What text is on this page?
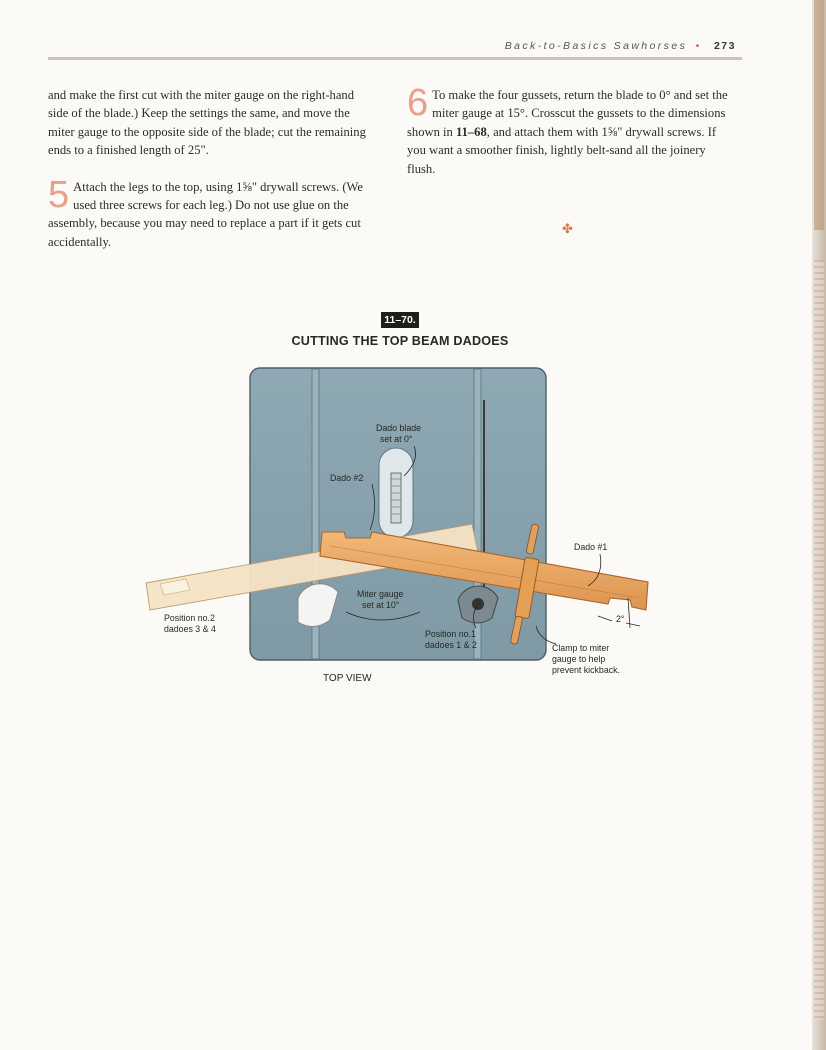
Back-to-Basics Sawhorses • 273

and make the first cut with the miter gauge on the right-hand side of the blade.) Keep the settings the same, and move the miter gauge to the opposite side of the blade; cut the remaining ends to a finished length of 25".

5 Attach the legs to the top, using 1⅝" drywall screws. (We used three screws for each leg.) Do not use glue on the assembly, because you may need to replace a part if it gets cut accidentally.

6 To make the four gussets, return the blade to 0° and set the miter gauge at 15°. Crosscut the gussets to the dimensions shown in 11–68, and attach them with 1⅝" drywall screws. If you want a smoother finish, lightly belt-sand all the joinery flush.

✤
11–70.
CUTTING THE TOP BEAM DADOES
Dado blade
set at 0°
Dado #2
Dado #1
Miter gauge
set at 10°
Position no.2
dadoes 3 & 4	Position no.1
dadoes 1 & 2
2°
Clamp to miter
gauge to help
prevent kickback.
TOP VIEW
